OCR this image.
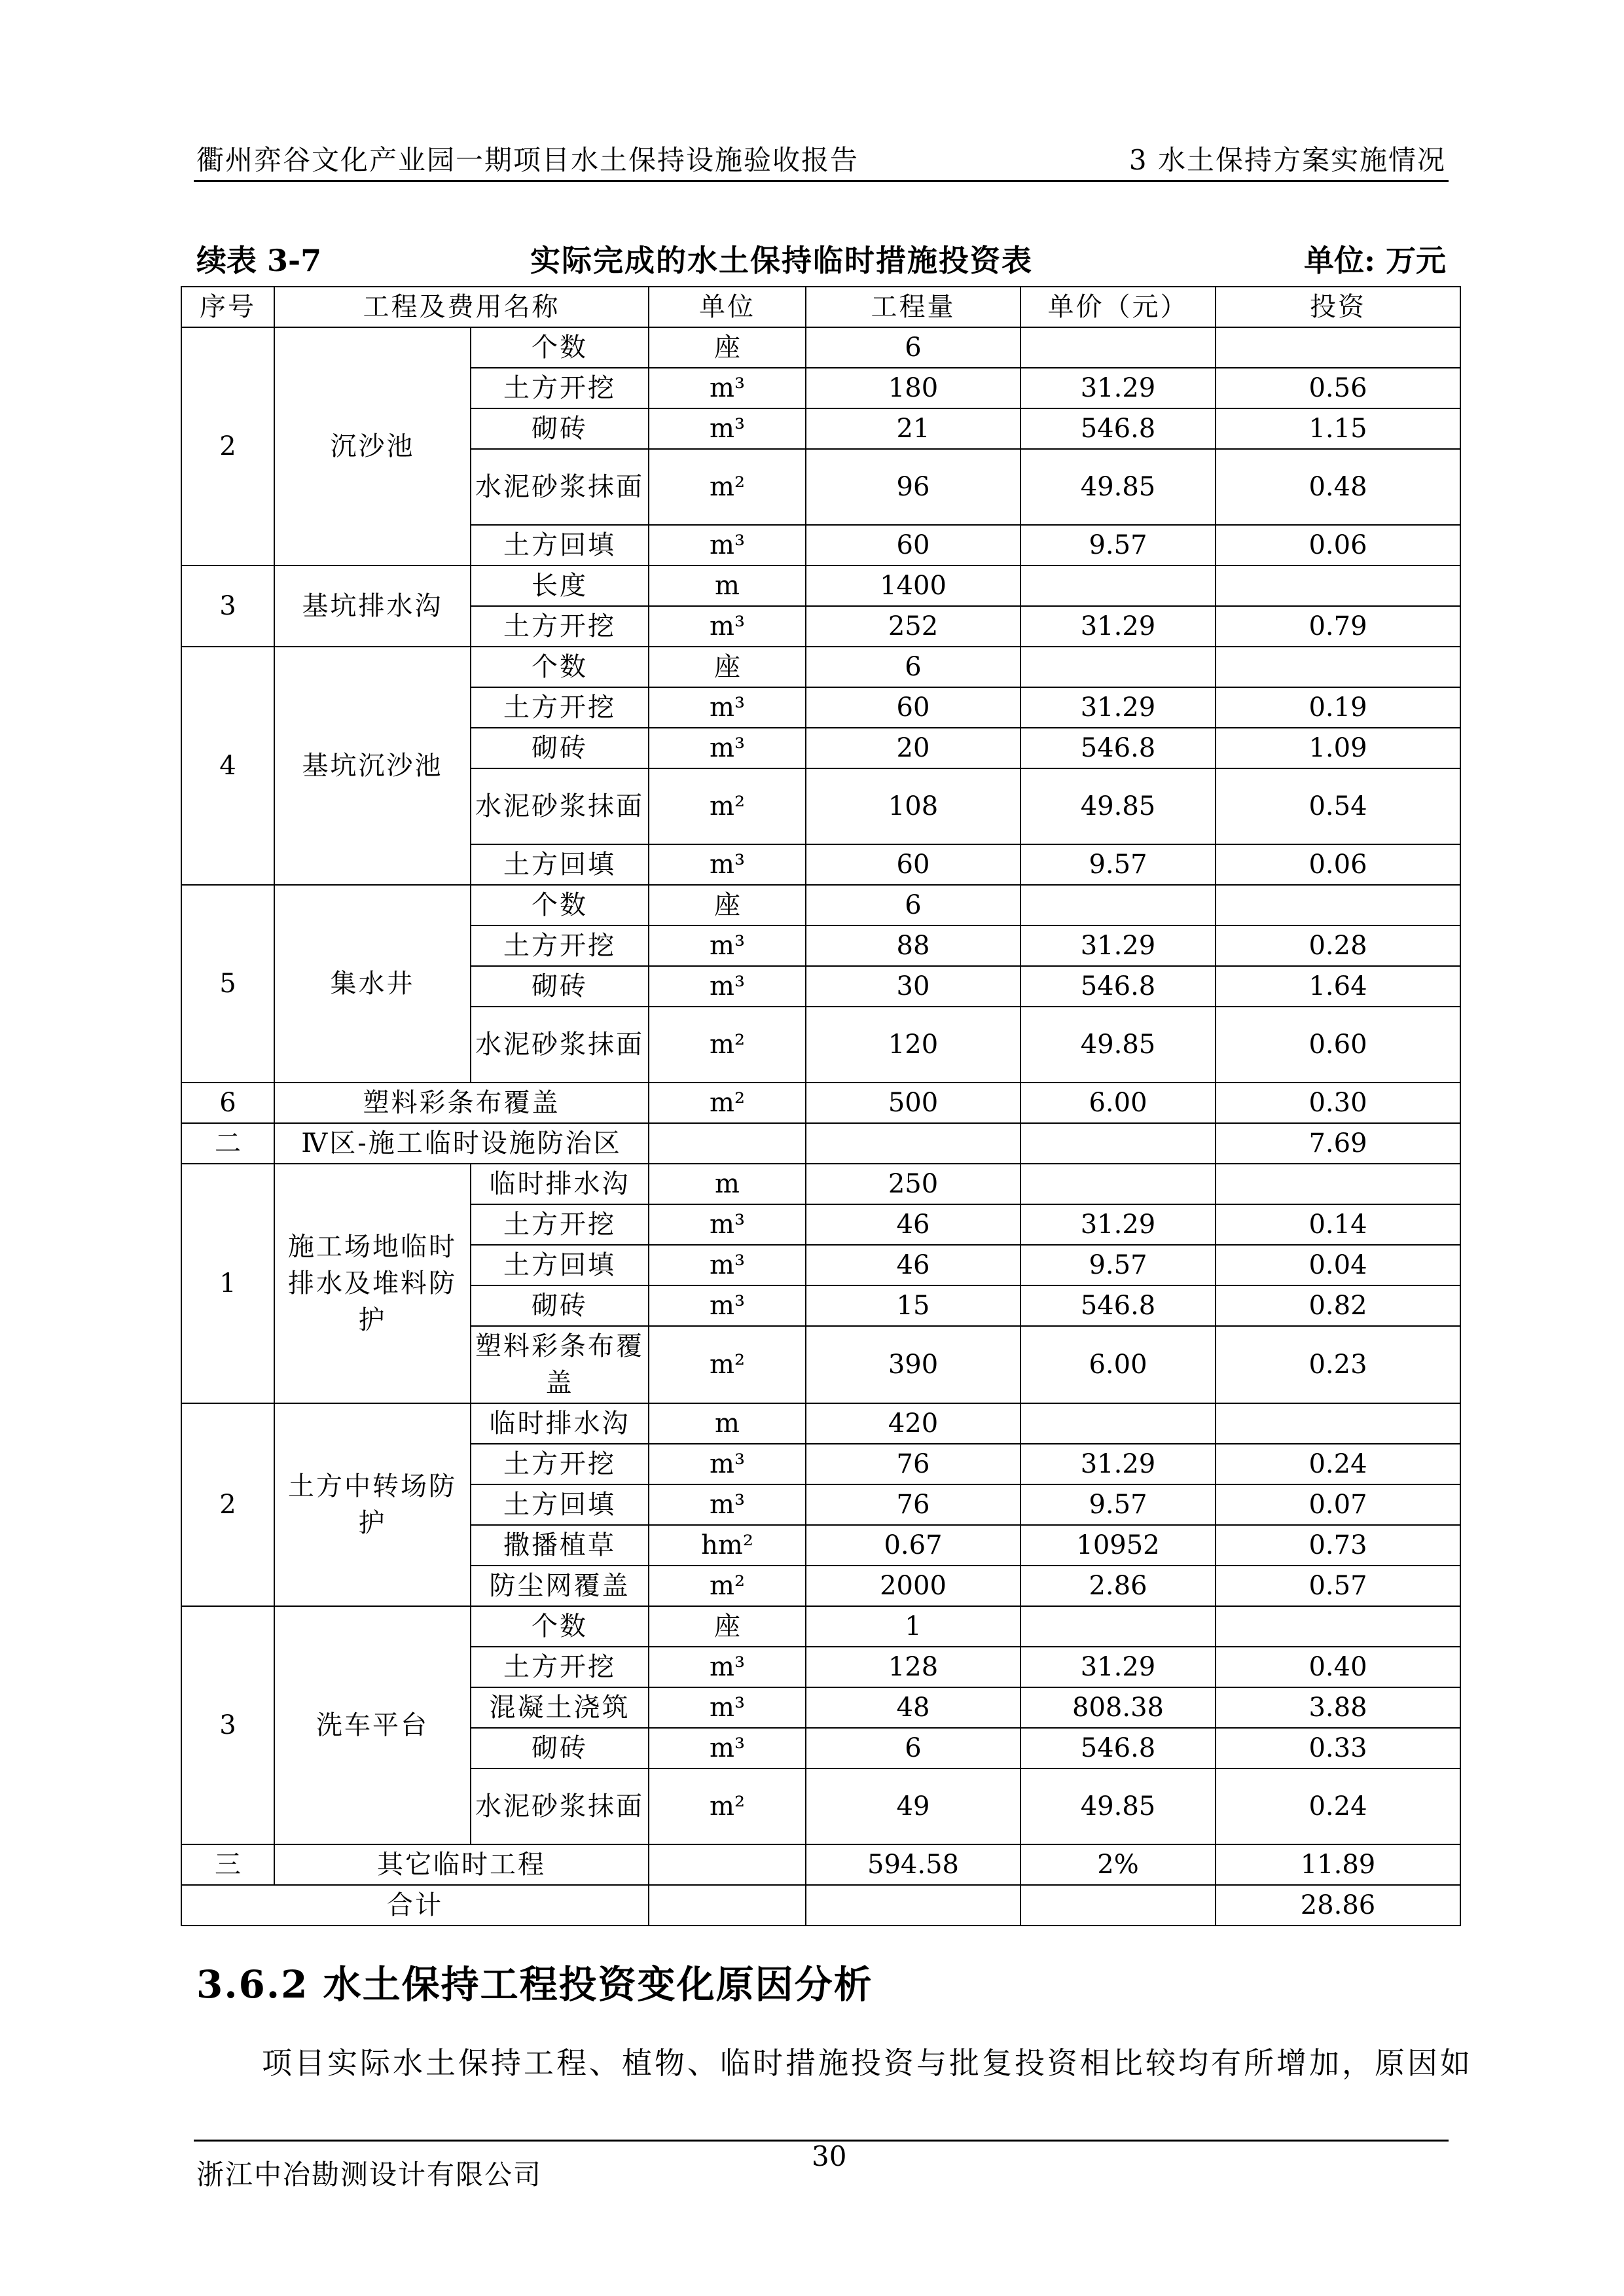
衢州弈谷文化产业园一期项目水土保持设施验收报告	3 水土保持方案实施情况
续表 3-7	实际完成的水土保持临时措施投资表	单位: 万元
序号	工程及费用名称		单位	工程量	单价（元）	投资
2	沉沙池	个数	座	6		
		土方开挖	m³	180	31.29	0.56
		砌砖	m³	21	546.8	1.15
		水泥砂浆抹面	m²	96	49.85	0.48
		土方回填	m³	60	9.57	0.06
3	基坑排水沟	长度	m	1400		
		土方开挖	m³	252	31.29	0.79
4	基坑沉沙池	个数	座	6		
		土方开挖	m³	60	31.29	0.19
		砌砖	m³	20	546.8	1.09
		水泥砂浆抹面	m²	108	49.85	0.54
		土方回填	m³	60	9.57	0.06
5	集水井	个数	座	6		
		土方开挖	m³	88	31.29	0.28
		砌砖	m³	30	546.8	1.64
		水泥砂浆抹面	m²	120	49.85	0.60
6	塑料彩条布覆盖		m²	500	6.00	0.30
二	Ⅳ区-施工临时设施防治区					7.69
1	施工场地临时排水及堆料防护	临时排水沟	m	250		
		土方开挖	m³	46	31.29	0.14
		土方回填	m³	46	9.57	0.04
		砌砖	m³	15	546.8	0.82
		塑料彩条布覆盖	m²	390	6.00	0.23
2	土方中转场防护	临时排水沟	m	420		
		土方开挖	m³	76	31.29	0.24
		土方回填	m³	76	9.57	0.07
		撒播植草	hm²	0.67	10952	0.73
		防尘网覆盖	m²	2000	2.86	0.57
3	洗车平台	个数	座	1		
		土方开挖	m³	128	31.29	0.40
		混凝土浇筑	m³	48	808.38	3.88
		砌砖	m³	6	546.8	0.33
		水泥砂浆抹面	m²	49	49.85	0.24
三	其它临时工程			594.58	2%	11.89
合计						28.86
3.6.2 水土保持工程投资变化原因分析
项目实际水土保持工程、植物、临时措施投资与批复投资相比较均有所增加，原因如
浙江中冶勘测设计有限公司
30
